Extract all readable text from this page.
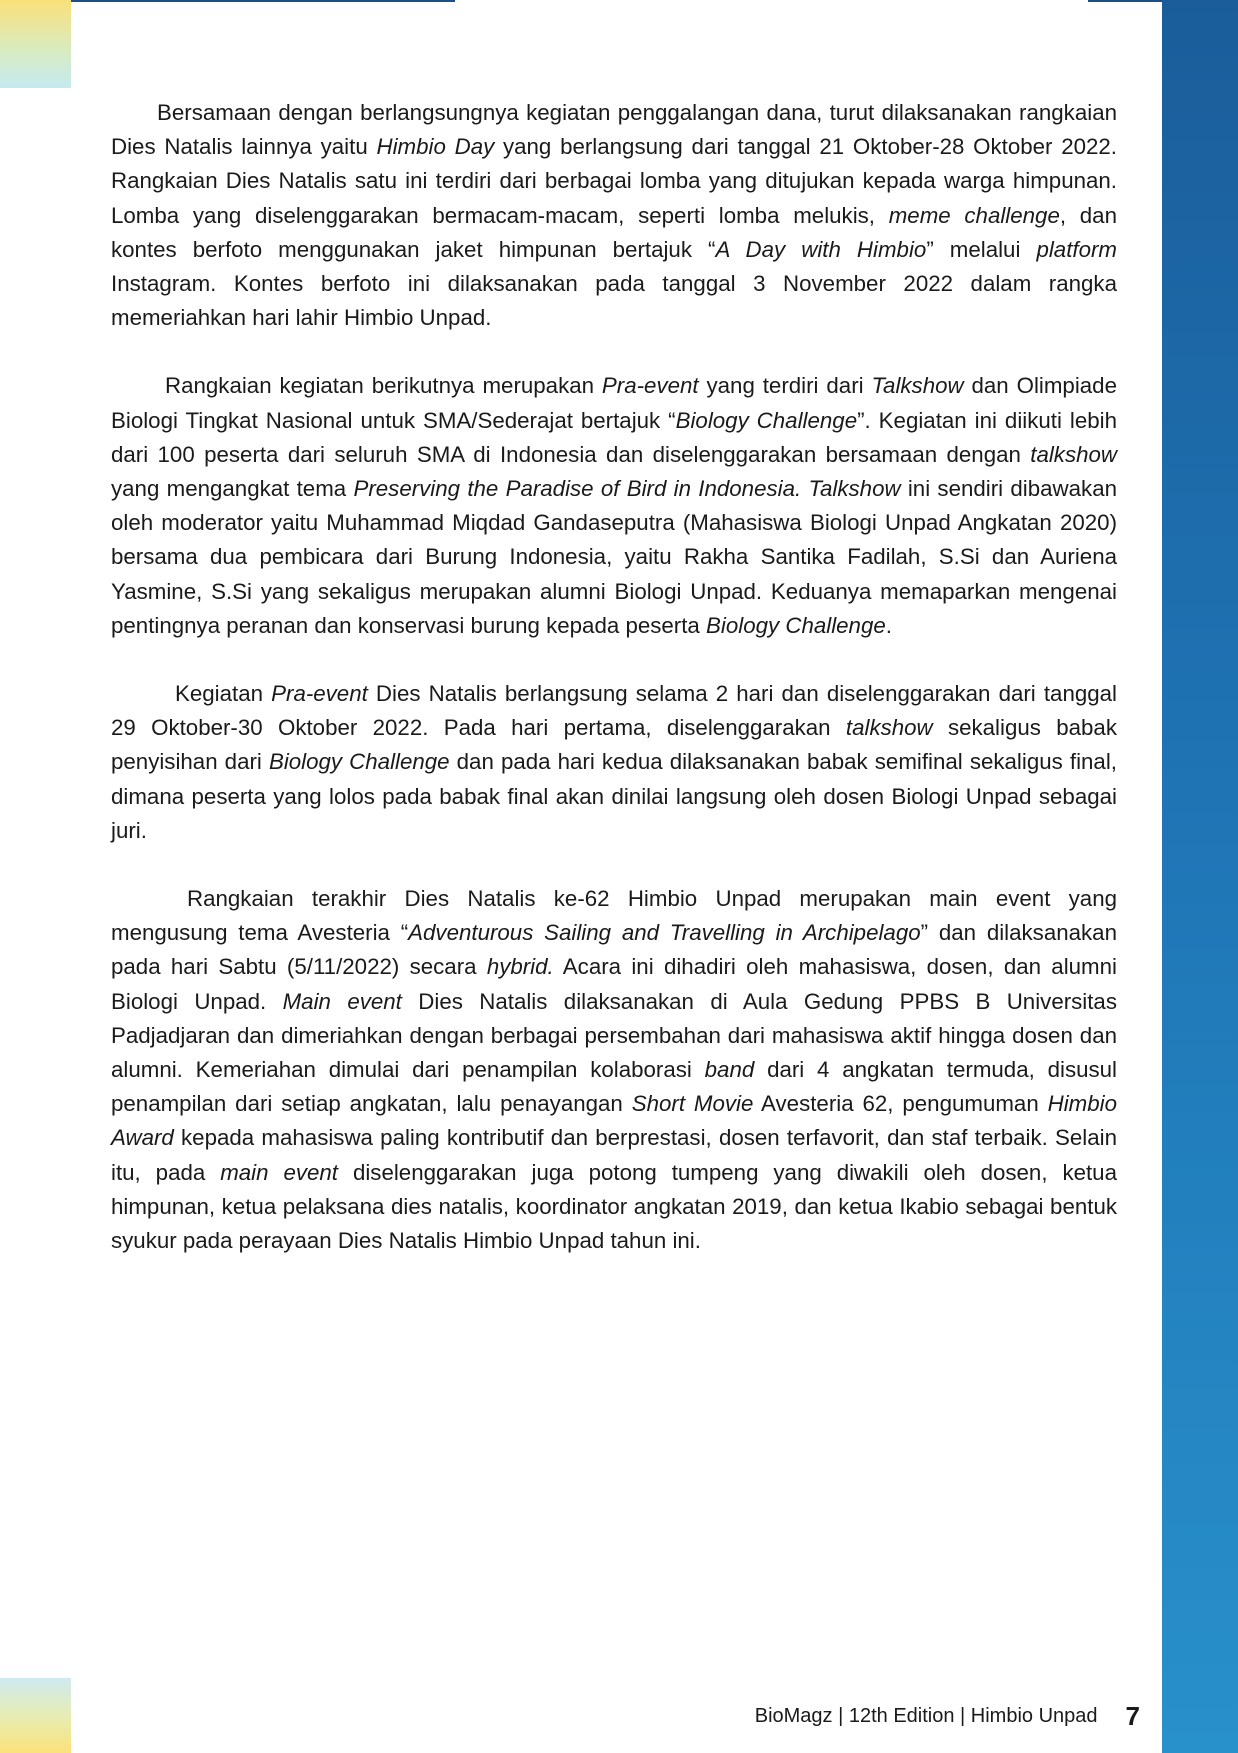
Bersamaan dengan berlangsungnya kegiatan penggalangan dana, turut dilaksanakan rangkaian Dies Natalis lainnya yaitu Himbio Day yang berlangsung dari tanggal 21 Oktober-28 Oktober 2022. Rangkaian Dies Natalis satu ini terdiri dari berbagai lomba yang ditujukan kepada warga himpunan. Lomba yang diselenggarakan bermacam-macam, seperti lomba melukis, meme challenge, dan kontes berfoto menggunakan jaket himpunan bertajuk “A Day with Himbio” melalui platform Instagram. Kontes berfoto ini dilaksanakan pada tanggal 3 November 2022 dalam rangka memeriahkan hari lahir Himbio Unpad.

Rangkaian kegiatan berikutnya merupakan Pra-event yang terdiri dari Talkshow dan Olimpiade Biologi Tingkat Nasional untuk SMA/Sederajat bertajuk “Biology Challenge”. Kegiatan ini diikuti lebih dari 100 peserta dari seluruh SMA di Indonesia dan diselenggarakan bersamaan dengan talkshow yang mengangkat tema Preserving the Paradise of Bird in Indonesia. Talkshow ini sendiri dibawakan oleh moderator yaitu Muhammad Miqdad Gandaseputra (Mahasiswa Biologi Unpad Angkatan 2020) bersama dua pembicara dari Burung Indonesia, yaitu Rakha Santika Fadilah, S.Si dan Auriena Yasmine, S.Si yang sekaligus merupakan alumni Biologi Unpad. Keduanya memaparkan mengenai pentingnya peranan dan konservasi burung kepada peserta Biology Challenge.

Kegiatan Pra-event Dies Natalis berlangsung selama 2 hari dan diselenggarakan dari tanggal 29 Oktober-30 Oktober 2022. Pada hari pertama, diselenggarakan talkshow sekaligus babak penyisihan dari Biology Challenge dan pada hari kedua dilaksanakan babak semifinal sekaligus final, dimana peserta yang lolos pada babak final akan dinilai langsung oleh dosen Biologi Unpad sebagai juri.

Rangkaian terakhir Dies Natalis ke-62 Himbio Unpad merupakan main event yang mengusung tema Avesteria “Adventurous Sailing and Travelling in Archipelago” dan dilaksanakan pada hari Sabtu (5/11/2022) secara hybrid. Acara ini dihadiri oleh mahasiswa, dosen, dan alumni Biologi Unpad. Main event Dies Natalis dilaksanakan di Aula Gedung PPBS B Universitas Padjadjaran dan dimeriahkan dengan berbagai persembahan dari mahasiswa aktif hingga dosen dan alumni. Kemeriahan dimulai dari penampilan kolaborasi band dari 4 angkatan termuda, disusul penampilan dari setiap angkatan, lalu penayangan Short Movie Avesteria 62, pengumuman Himbio Award kepada mahasiswa paling kontributif dan berprestasi, dosen terfavorit, dan staf terbaik. Selain itu, pada main event diselenggarakan juga potong tumpeng yang diwakili oleh dosen, ketua himpunan, ketua pelaksana dies natalis, koordinator angkatan 2019, dan ketua Ikabio sebagai bentuk syukur pada perayaan Dies Natalis Himbio Unpad tahun ini.

BioMagz | 12th Edition | Himbio Unpad 7
